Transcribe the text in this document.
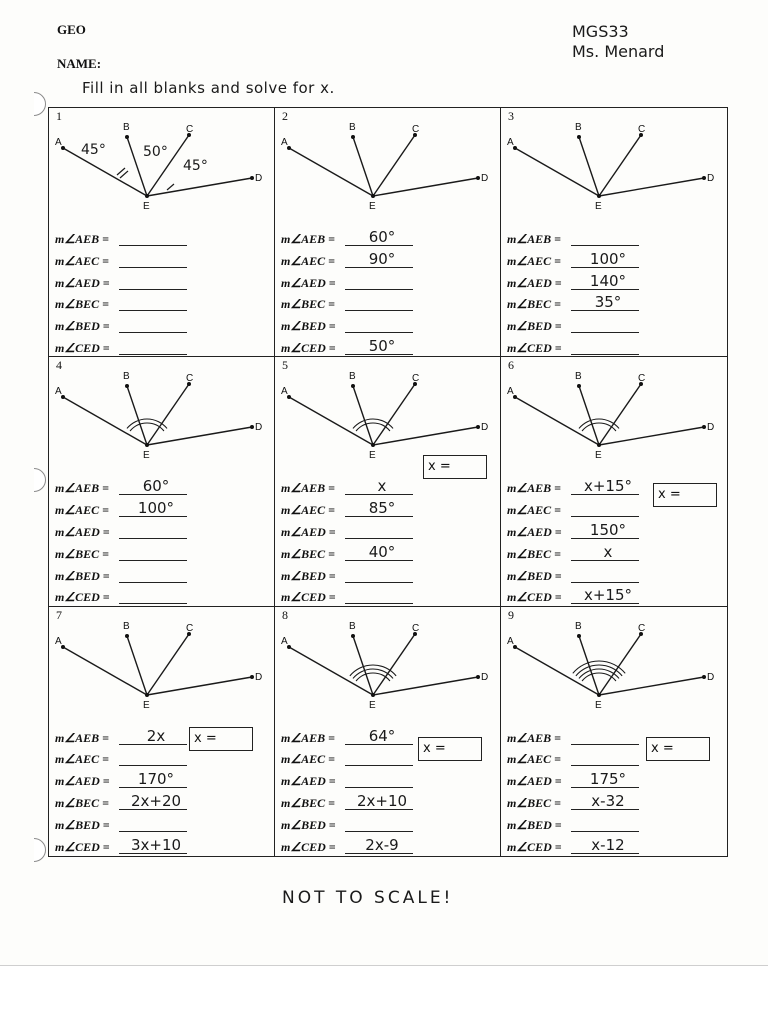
GEO
NAME:
MGS33
Ms. Menard
Fill in all blanks and solve for x.
1
A
B	C
D
E
45°	50°
45°
m∠AEB =
m∠AEC =
m∠AED =
m∠BEC =
m∠BED =
m∠CED =
2
A
B	C
D
E
m∠AEB =	60°
m∠AEC =	90°
m∠AED =
m∠BEC =
m∠BED =
m∠CED =	50°
3
A
B	C
D
E
m∠AEB =
m∠AEC =	100°
m∠AED =	140°
m∠BEC =	35°
m∠BED =
m∠CED =
4
A
B	C
D
E
m∠AEB =	60°
m∠AEC =	100°
m∠AED =
m∠BEC =
m∠BED =
m∠CED =
5
A
B	C
D
E
m∠AEB =	x
m∠AEC =	85°
m∠AED =
m∠BEC =	40°
m∠BED =
m∠CED =
x =
6
A
B	C
D
E
m∠AEB =	x+15°
m∠AEC =
m∠AED =	150°
m∠BEC =	x
m∠BED =
m∠CED =	x+15°
x =
7
A
B	C
D
E
m∠AEB =	2x
m∠AEC =
m∠AED =	170°
m∠BEC =	2x+20
m∠BED =
m∠CED =	3x+10
x =
8
A
B	C
D
E
m∠AEB =	64°
m∠AEC =
m∠AED =
m∠BEC =	2x+10
m∠BED =
m∠CED =	2x-9
x =
9
A
B	C
D
E
m∠AEB =
m∠AEC =
m∠AED =	175°
m∠BEC =	x-32
m∠BED =
m∠CED =	x-12
x =
NOT TO SCALE!
